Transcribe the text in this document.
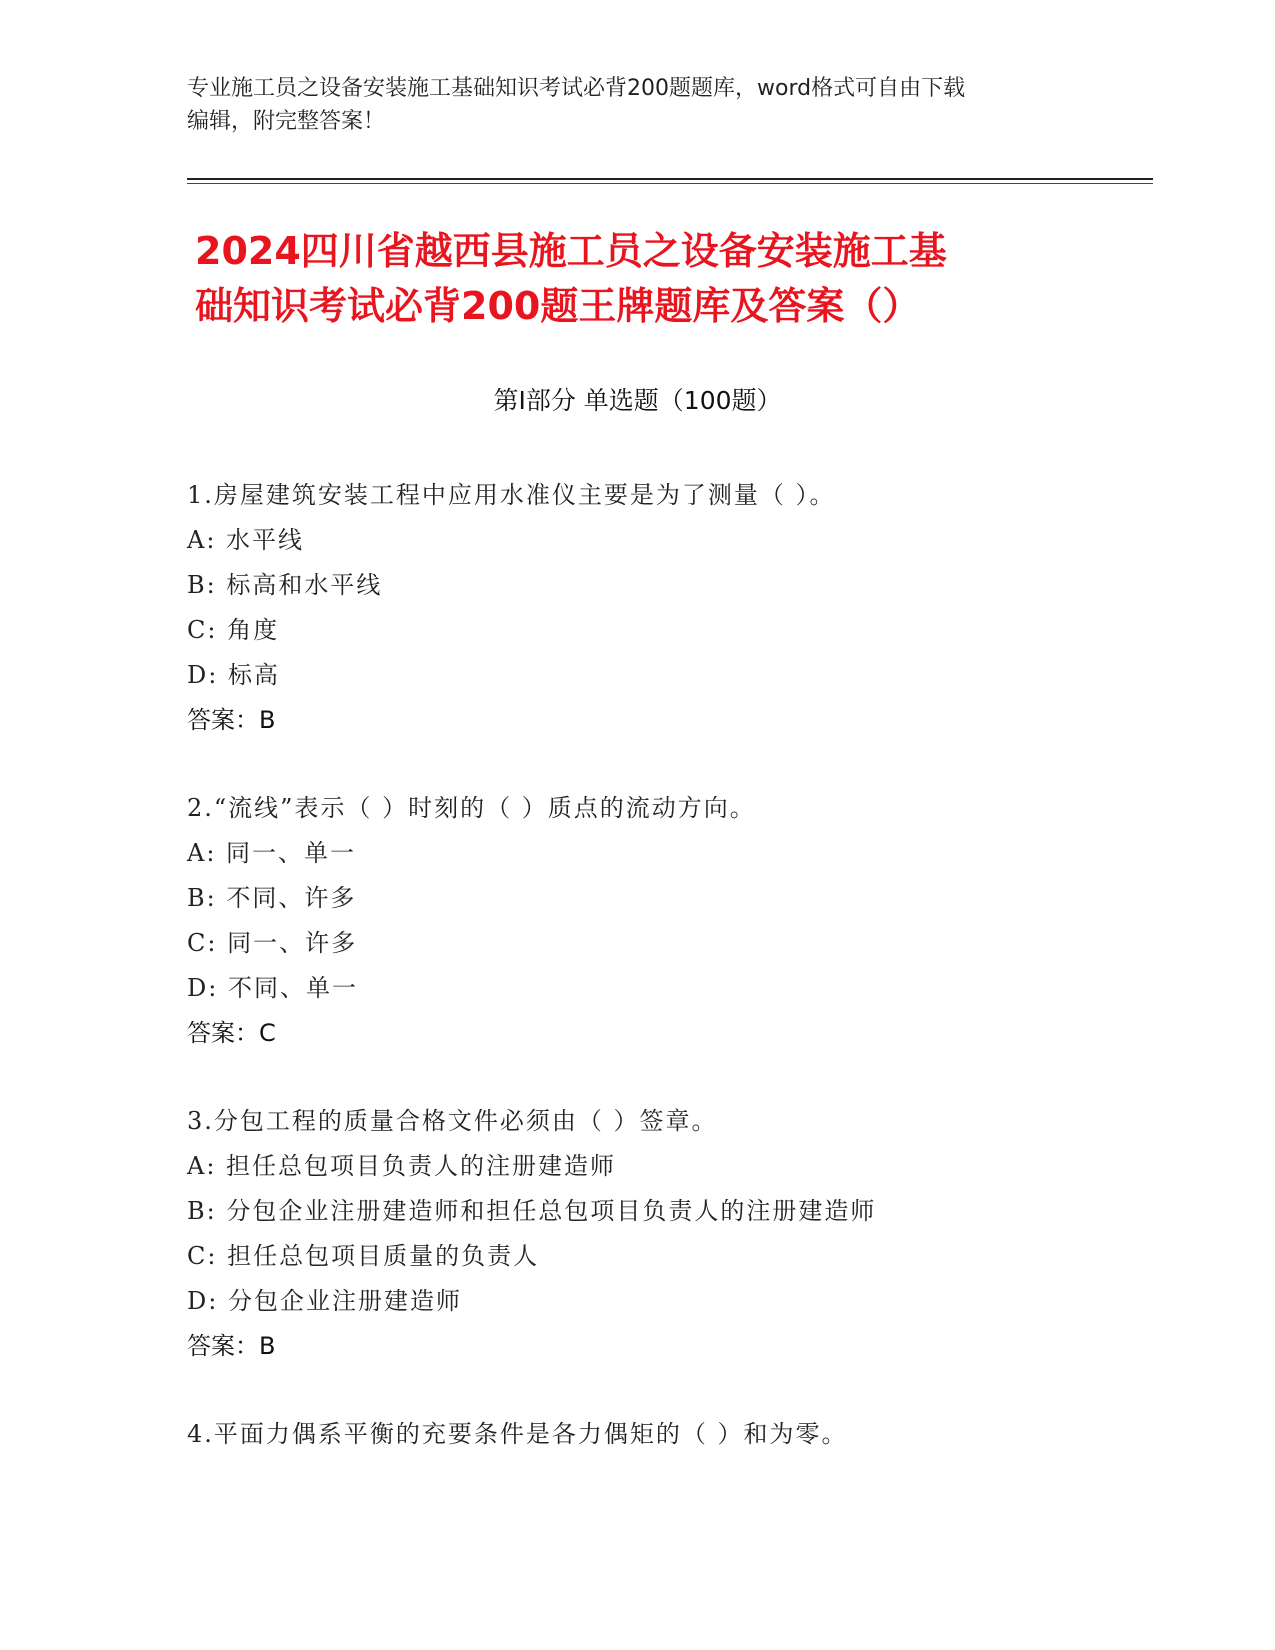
专业施工员之设备安装施工基础知识考试必背200题题库，word格式可自由下载
编辑，附完整答案！
2024四川省越西县施工员之设备安装施工基
础知识考试必背200题王牌题库及答案（）
第Ⅰ部分 单选题（100题）
1.房屋建筑安装工程中应用水准仪主要是为了测量（ ）。
A: 水平线
B: 标高和水平线
C: 角度
D: 标高
答案：B
2.“流线”表示（ ）时刻的（ ）质点的流动方向。
A: 同一、单一
B: 不同、许多
C: 同一、许多
D: 不同、单一
答案：C
3.分包工程的质量合格文件必须由（ ）签章。
A: 担任总包项目负责人的注册建造师
B: 分包企业注册建造师和担任总包项目负责人的注册建造师
C: 担任总包项目质量的负责人
D: 分包企业注册建造师
答案：B
4.平面力偶系平衡的充要条件是各力偶矩的（ ）和为零。
